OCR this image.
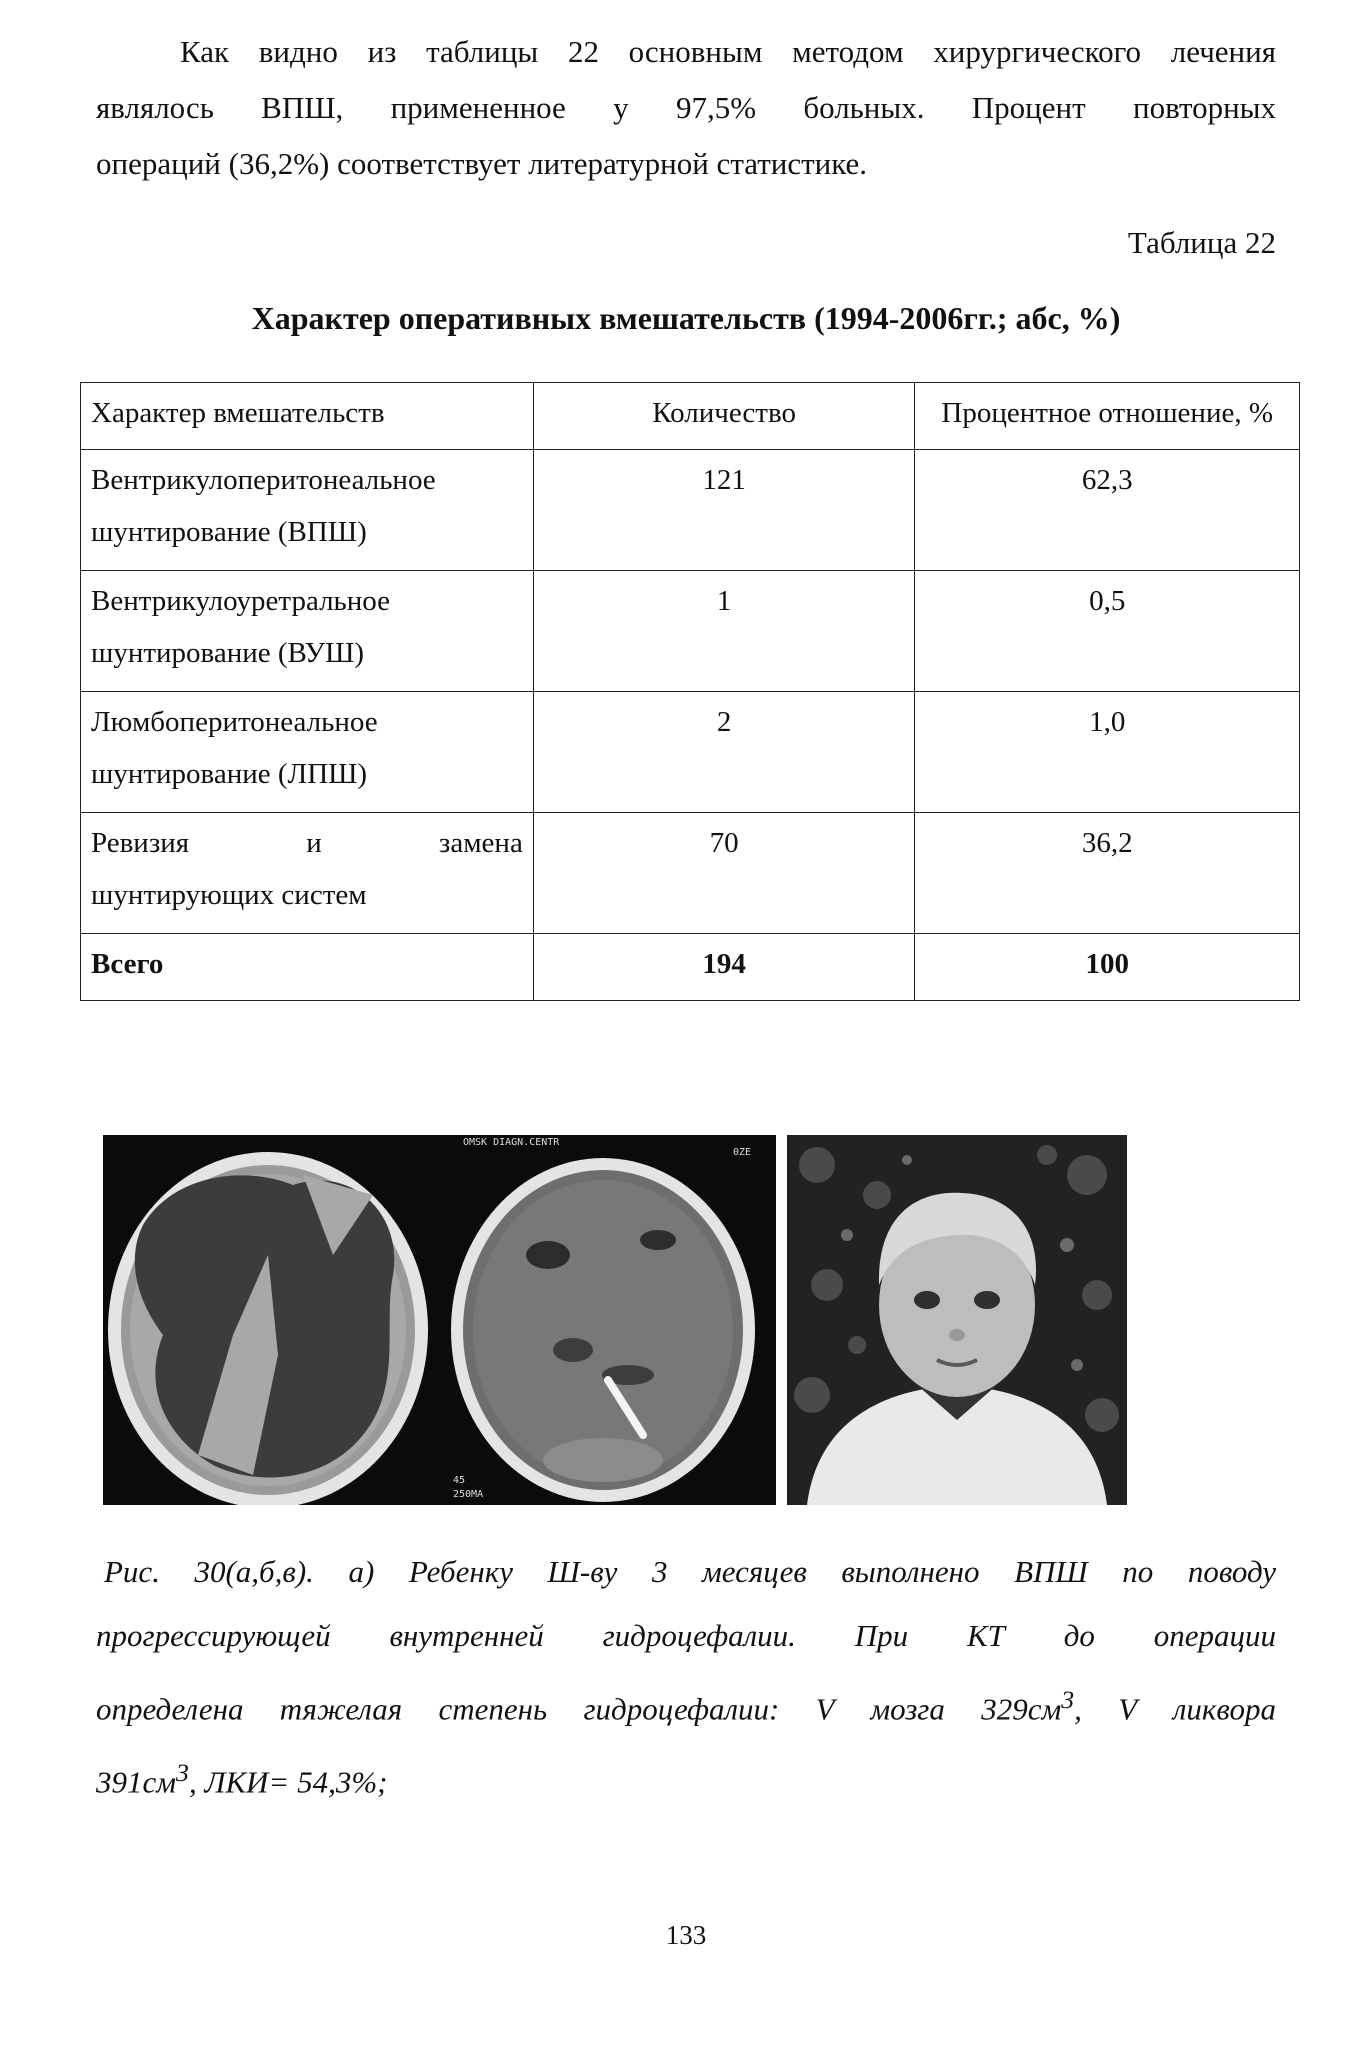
Как видно из таблицы 22 основным методом хирургического лечения
являлось ВПШ, примененное у 97,5% больных. Процент повторных
операций (36,2%) соответствует литературной статистике.

Таблица 22

Характер оперативных вмешательств (1994-2006гг.; абс, %)

Характер вмешательств	Количество	Процентное отношение, %

Вентрикулоперитонеальное
шунтирование (ВПШ)	121	62,3

Вентрикулоуретральное
шунтирование (ВУШ)	1	0,5

Люмбоперитонеальное
шунтирование (ЛПШ)	2	1,0

Ревизия и замена
шунтирующих систем	70	36,2
Всего	194	100
OMSK DIAGN.CENTR
0ZE
45
250MA

Рис. 30(а,б,в). а) Ребенку Ш-ву 3 месяцев выполнено ВПШ по поводу
прогрессирующей внутренней гидроцефалии. При КТ до операции
определена тяжелая степень гидроцефалии: V мозга $329см^3$, V ликвора
$391см^3$, ЛКИ= 54,3%;

133
